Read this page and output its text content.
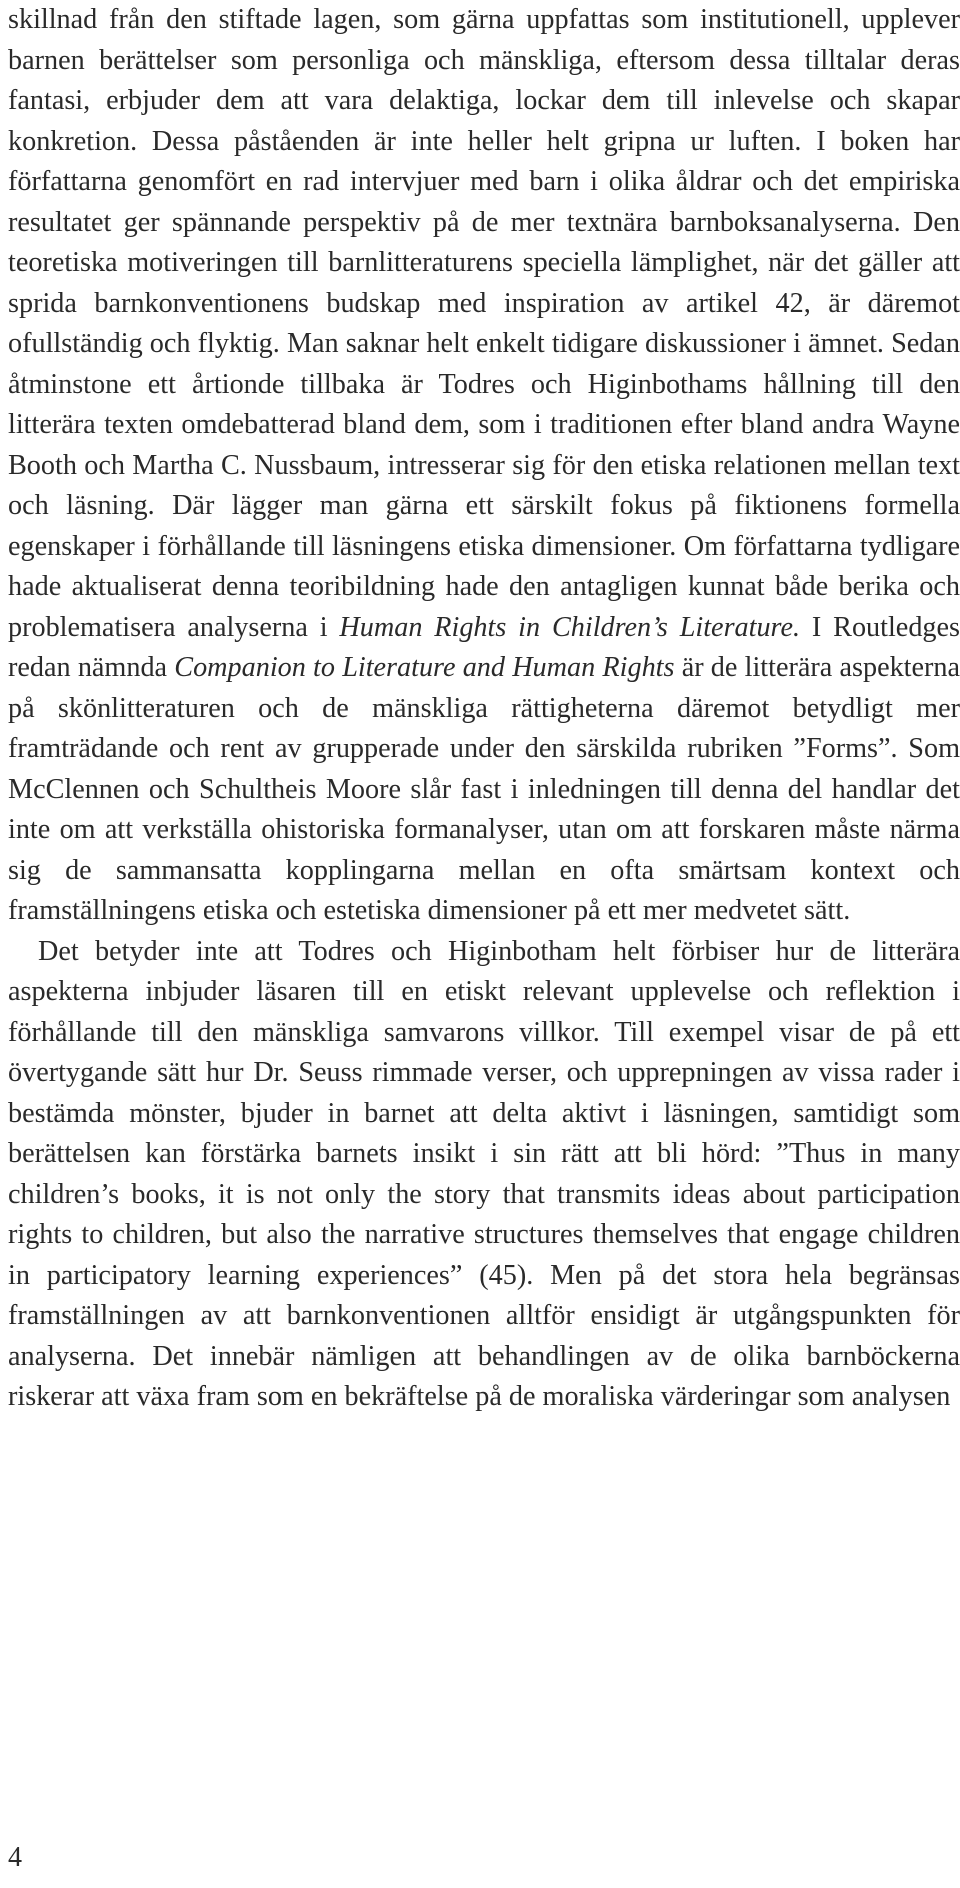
skillnad från den stiftade lagen, som gärna uppfattas som institutionell, upplever barnen berättelser som personliga och mänskliga, eftersom dessa tilltalar deras fantasi, erbjuder dem att vara delaktiga, lockar dem till inlevelse och skapar konkretion. Dessa påståenden är inte heller helt gripna ur luften. I boken har författarna genomfört en rad intervjuer med barn i olika åldrar och det empiriska resultatet ger spännande perspektiv på de mer textnära barnboksanalyserna. Den teoretiska motiveringen till barnlitteraturens speciella lämplighet, när det gäller att sprida barnkonventionens budskap med inspiration av artikel 42, är däremot ofullständig och flyktig. Man saknar helt enkelt tidigare diskussioner i ämnet. Sedan åtminstone ett årtionde tillbaka är Todres och Higinbothams hållning till den litterära texten omdebatterad bland dem, som i traditionen efter bland andra Wayne Booth och Martha C. Nussbaum, intresserar sig för den etiska relationen mellan text och läsning. Där lägger man gärna ett särskilt fokus på fiktionens formella egenskaper i förhållande till läsningens etiska dimensioner. Om författarna tydligare hade aktualiserat denna teoribildning hade den antagligen kunnat både berika och problematisera analyserna i Human Rights in Children’s Literature. I Routledges redan nämnda Companion to Literature and Human Rights är de litterära aspekterna på skönlitteraturen och de mänskliga rättigheterna däremot betydligt mer framträdande och rent av grupperade under den särskilda rubriken ”Forms”. Som McClennen och Schultheis Moore slår fast i inledningen till denna del handlar det inte om att verkställa ohistoriska formanalyser, utan om att forskaren måste närma sig de sammansatta kopplingarna mellan en ofta smärtsam kontext och framställningens etiska och estetiska dimensioner på ett mer medvetet sätt.

Det betyder inte att Todres och Higinbotham helt förbiser hur de litterära aspekterna inbjuder läsaren till en etiskt relevant upplevelse och reflektion i förhållande till den mänskliga samvarons villkor. Till exempel visar de på ett övertygande sätt hur Dr. Seuss rimmade verser, och upprepningen av vissa rader i bestämda mönster, bjuder in barnet att delta aktivt i läsningen, samtidigt som berättelsen kan förstärka barnets insikt i sin rätt att bli hörd: ”Thus in many children’s books, it is not only the story that transmits ideas about participation rights to children, but also the narrative structures themselves that engage children in participatory learning experiences” (45). Men på det stora hela begränsas framställningen av att barnkonventionen alltför ensidigt är utgångspunkten för analyserna. Det innebär nämligen att behandlingen av de olika barnböckerna riskerar att växa fram som en bekräftelse på de moraliska värderingar som analysen

4
